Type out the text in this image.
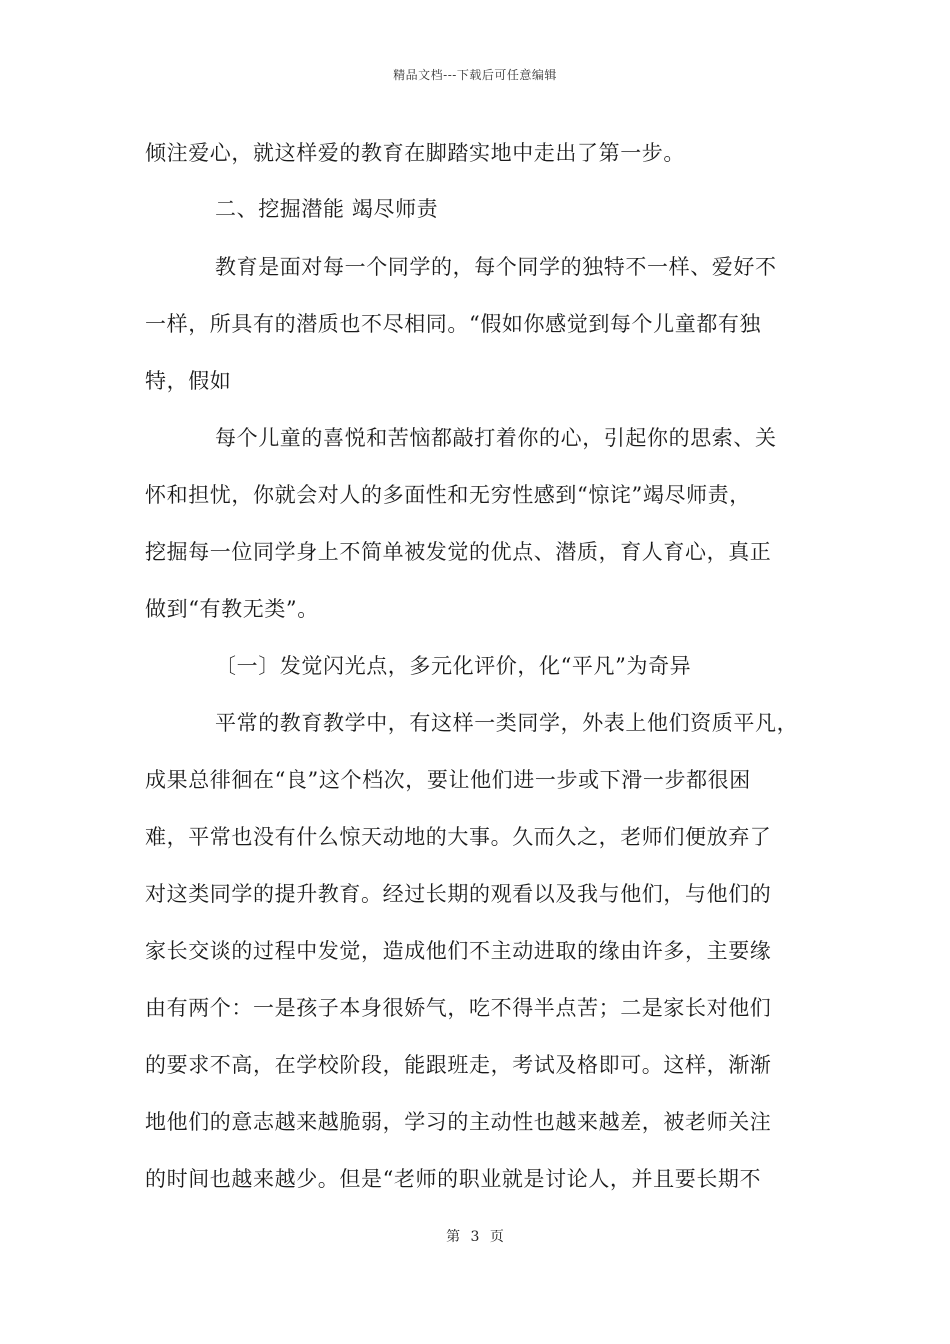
精品文档---下载后可任意编辑
倾注爱心，就这样爱的教育在脚踏实地中走出了第一步。
二、挖掘潜能 竭尽师责
教育是面对每一个同学的，每个同学的独特不一样、爱好不
一样，所具有的潜质也不尽相同。“假如你感觉到每个儿童都有独
特，假如
每个儿童的喜悦和苦恼都敲打着你的心，引起你的思索、关
怀和担忧，你就会对人的多面性和无穷性感到“惊诧”竭尽师责，
挖掘每一位同学身上不简单被发觉的优点、潜质，育人育心，真正
做到“有教无类”。
〔一〕发觉闪光点，多元化评价，化“平凡”为奇异
平常的教育教学中，有这样一类同学，外表上他们资质平凡，
成果总徘徊在“良”这个档次，要让他们进一步或下滑一步都很困
难，平常也没有什么惊天动地的大事。久而久之，老师们便放弃了
对这类同学的提升教育。经过长期的观看以及我与他们，与他们的
家长交谈的过程中发觉，造成他们不主动进取的缘由许多，主要缘
由有两个：一是孩子本身很娇气，吃不得半点苦；二是家长对他们
的要求不高，在学校阶段，能跟班走，考试及格即可。这样，渐渐
地他们的意志越来越脆弱，学习的主动性也越来越差，被老师关注
的时间也越来越少。但是“老师的职业就是讨论人，并且要长期不
第 3 页
